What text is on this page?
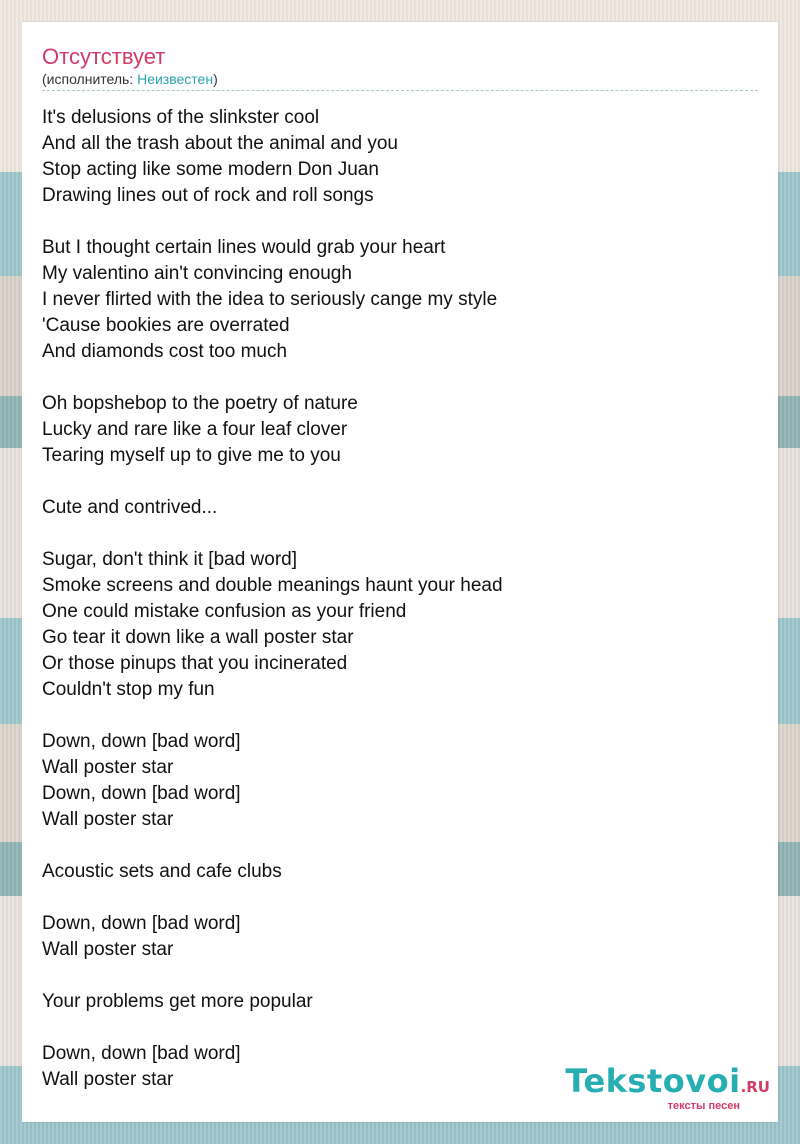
Отсутствует
(исполнитель: Неизвестен)
It's delusions of the slinkster cool
And all the trash about the animal and you
Stop acting like some modern Don Juan
Drawing lines out of rock and roll songs
But I thought certain lines would grab your heart
My valentino ain't convincing enough
I never flirted with the idea to seriously cange my style
'Cause bookies are overrated
And diamonds cost too much
Oh bopshebop to the poetry of nature
Lucky and rare like a four leaf clover
Tearing myself up to give me to you
Cute and contrived...
Sugar, don't think it [bad word]
Smoke screens and double meanings haunt your head
One could mistake confusion as your friend
Go tear it down like a wall poster star
Or those pinups that you incinerated
Couldn't stop my fun
Down, down [bad word]
Wall poster star
Down, down [bad word]
Wall poster star
Acoustic sets and cafe clubs
Down, down [bad word]
Wall poster star
Your problems get more popular
Down, down [bad word]
Wall poster star	Tekstovoi.RU
тексты песен
